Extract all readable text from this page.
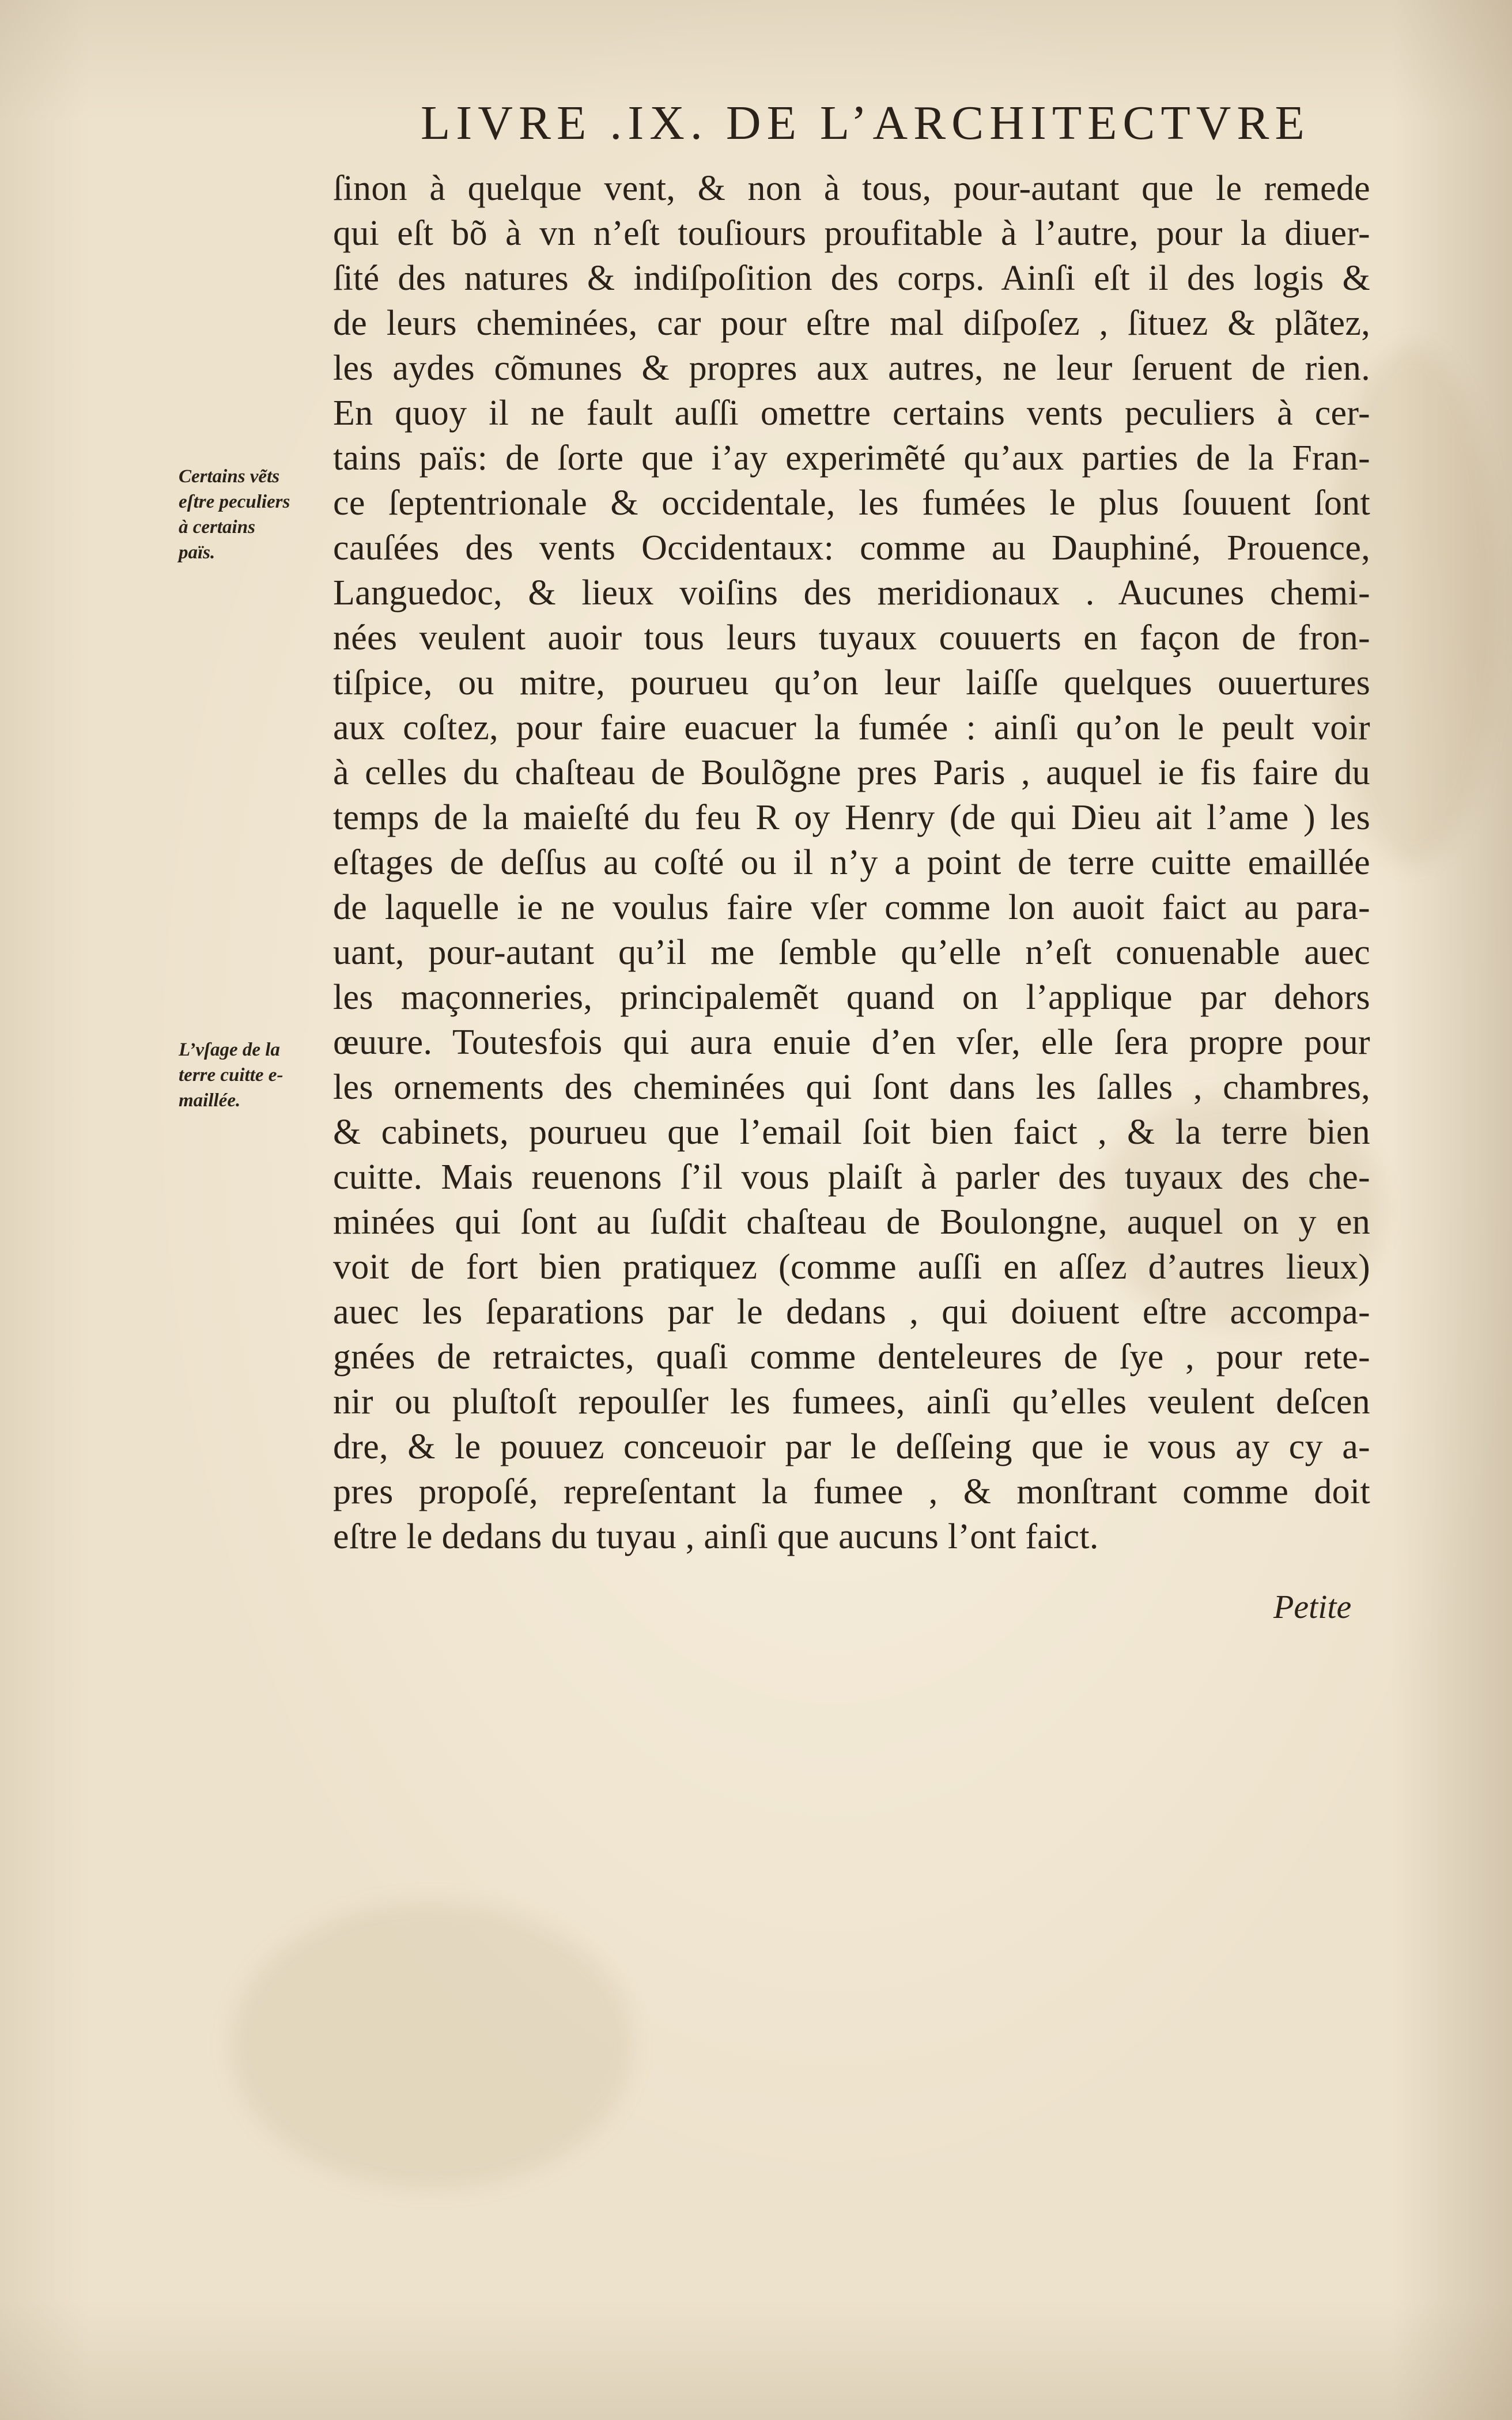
LIVRE .IX. DE L’ARCHITECTVRE
Certains vẽts
eſtre peculiers
à certains
païs.
L’vſage de la
terre cuitte e-
maillée.
ſinon à quelque vent, & non à tous, pour-autant que le remede
qui eſt bõ à vn n’eſt touſiours proufitable à l’autre, pour la diuer-
ſité des natures & indiſpoſition des corps. Ainſi eſt il des logis &
de leurs cheminées, car pour eſtre mal diſpoſez , ſituez & plãtez,
les aydes cõmunes & propres aux autres, ne leur ſeruent de rien.
En quoy il ne fault auſſi omettre certains vents peculiers à cer-
tains païs: de ſorte que i’ay experimẽté qu’aux parties de la Fran-
ce ſeptentrionale & occidentale, les fumées le plus ſouuent ſont
cauſées des vents Occidentaux: comme au Dauphiné, Prouence,
Languedoc, & lieux voiſins des meridionaux . Aucunes chemi-
nées veulent auoir tous leurs tuyaux couuerts en façon de fron-
tiſpice, ou mitre, pourueu qu’on leur laiſſe quelques ouuertures
aux coſtez, pour faire euacuer la fumée : ainſi qu’on le peult voir
à celles du chaſteau de Boulõgne pres Paris , auquel ie fis faire du
temps de la maieſté du feu R oy Henry (de qui Dieu ait l’ame ) les
eſtages de deſſus au coſté ou il n’y a point de terre cuitte emaillée
de laquelle ie ne voulus faire vſer comme lon auoit faict au para-
uant, pour-autant qu’il me ſemble qu’elle n’eſt conuenable auec
les maçonneries, principalemẽt quand on l’applique par dehors
œuure. Toutesfois qui aura enuie d’en vſer, elle ſera propre pour
les ornements des cheminées qui ſont dans les ſalles , chambres,
& cabinets, pourueu que l’email ſoit bien faict , & la terre bien
cuitte. Mais reuenons ſ’il vous plaiſt à parler des tuyaux des che-
minées qui ſont au ſuſdit chaſteau de Boulongne, auquel on y en
voit de fort bien pratiquez (comme auſſi en aſſez d’autres lieux)
auec les ſeparations par le dedans , qui doiuent eſtre accompa-
gnées de retraictes, quaſi comme denteleures de ſye , pour rete-
nir ou pluſtoſt repoulſer les fumees, ainſi qu’elles veulent deſcen
dre, & le pouuez conceuoir par le deſſeing que ie vous ay cy a-
pres propoſé, repreſentant la fumee , & monſtrant comme doit
eſtre le dedans du tuyau , ainſi que aucuns l’ont faict.
Petite
